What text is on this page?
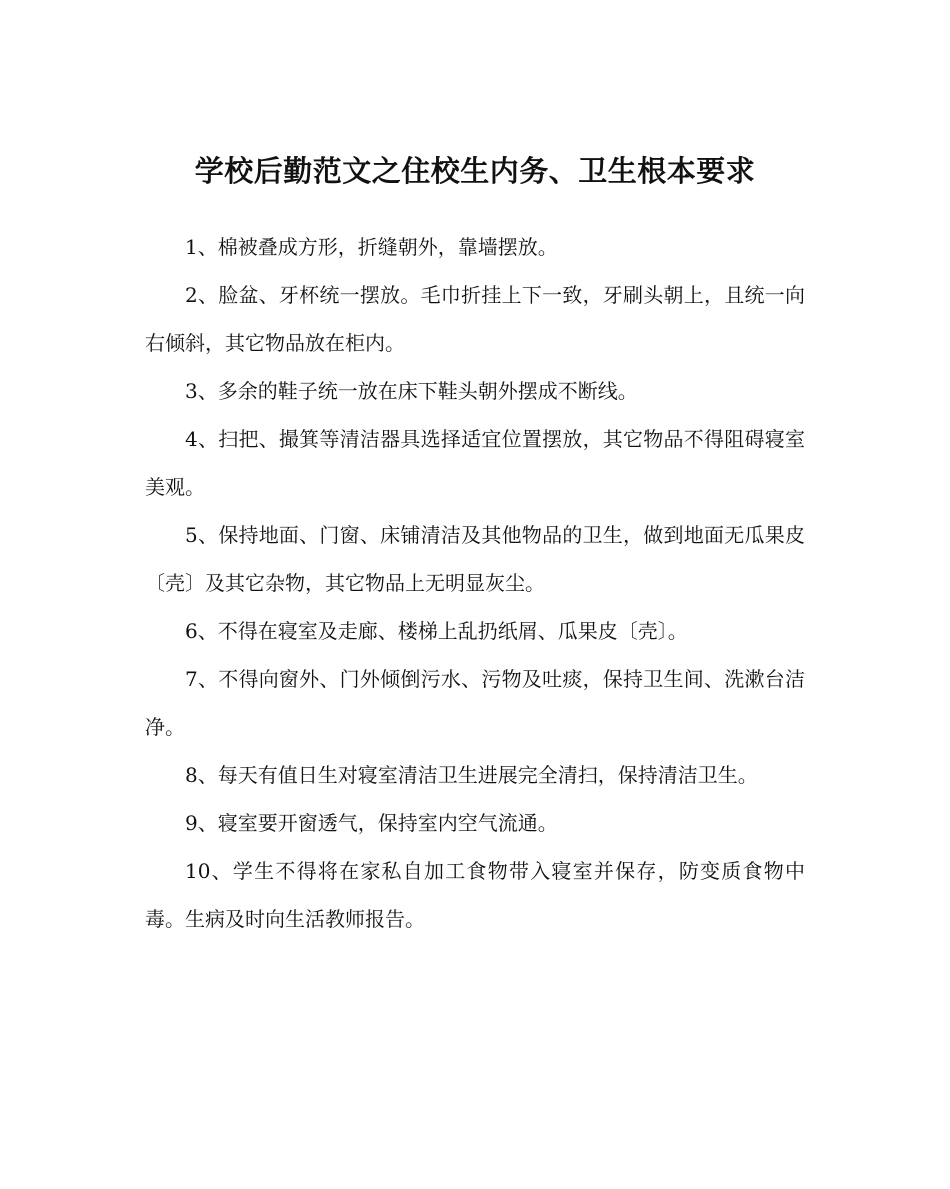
学校后勤范文之住校生内务、卫生根本要求

1、棉被叠成方形，折缝朝外，靠墙摆放。

2、脸盆、牙杯统一摆放。毛巾折挂上下一致，牙刷头朝上，且统一向右倾斜，其它物品放在柜内。

3、多余的鞋子统一放在床下鞋头朝外摆成不断线。

4、扫把、撮箕等清洁器具选择适宜位置摆放，其它物品不得阻碍寝室美观。

5、保持地面、门窗、床铺清洁及其他物品的卫生，做到地面无瓜果皮〔壳〕及其它杂物，其它物品上无明显灰尘。

6、不得在寝室及走廊、楼梯上乱扔纸屑、瓜果皮〔壳〕。

7、不得向窗外、门外倾倒污水、污物及吐痰，保持卫生间、洗漱台洁净。

8、每天有值日生对寝室清洁卫生进展完全清扫，保持清洁卫生。

9、寝室要开窗透气，保持室内空气流通。

10、学生不得将在家私自加工食物带入寝室并保存，防变质食物中毒。生病及时向生活教师报告。
